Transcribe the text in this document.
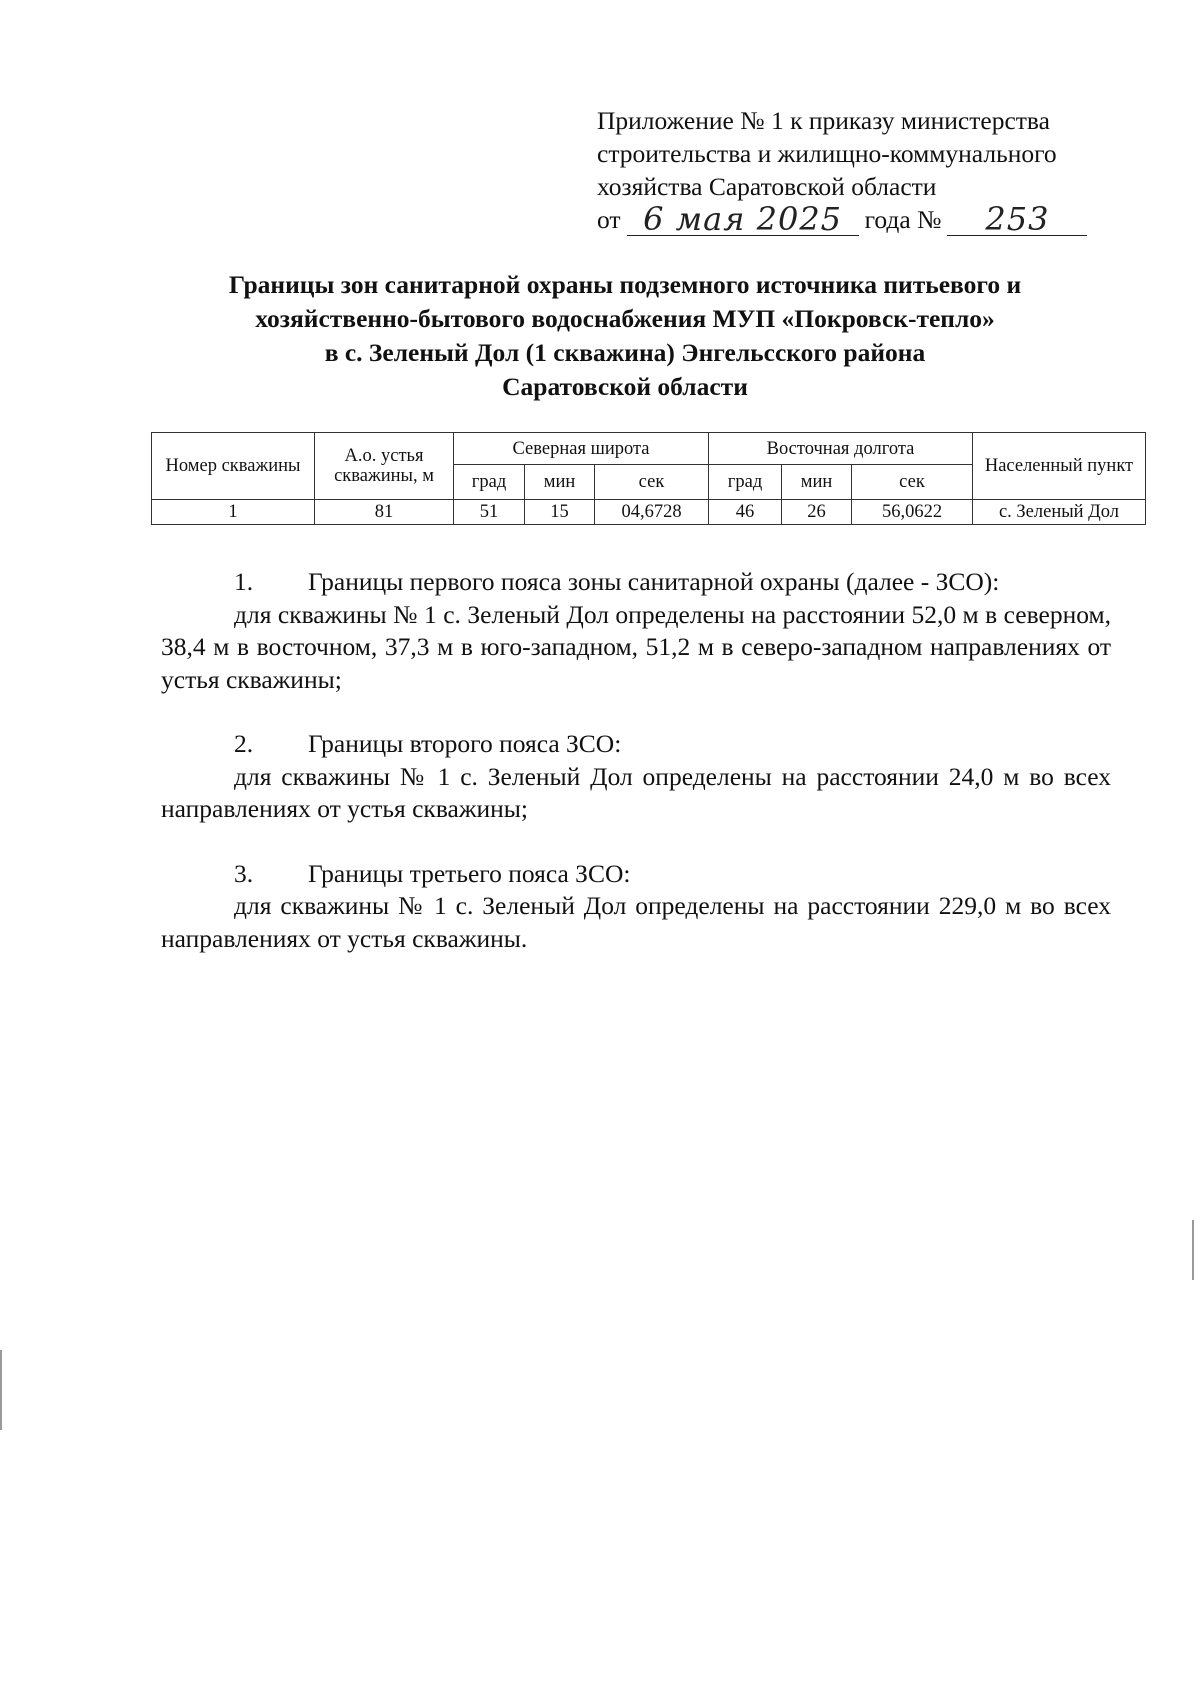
Приложение № 1 к приказу министерства
строительства и жилищно-коммунального
хозяйства Саратовской области
от 6 мая 2025 года №	253
Границы зон санитарной охраны подземного источника питьевого и
хозяйственно-бытового водоснабжения МУП «Покровск-тепло»
в с. Зеленый Дол (1 скважина) Энгельсского района
Саратовской области
Номер скважины	А.о. устья скважины, м	Северная широта			Восточная долгота			Населенный пункт
		град	мин	сек	град	мин	сек	
1	81	51	15	04,6728	46	26	56,0622	с. Зеленый Дол
1. Границы первого пояса зоны санитарной охраны (далее - ЗСО):
для скважины № 1 с. Зеленый Дол определены на расстоянии 52,0 м в северном, 38,4 м в восточном, 37,3 м в юго-западном, 51,2 м в северо-западном направлениях от устья скважины;
2. Границы второго пояса ЗСО:
для скважины № 1 с. Зеленый Дол определены на расстоянии 24,0 м во всех направлениях от устья скважины;
3. Границы третьего пояса ЗСО:
для скважины № 1 с. Зеленый Дол определены на расстоянии 229,0 м во всех направлениях от устья скважины.
